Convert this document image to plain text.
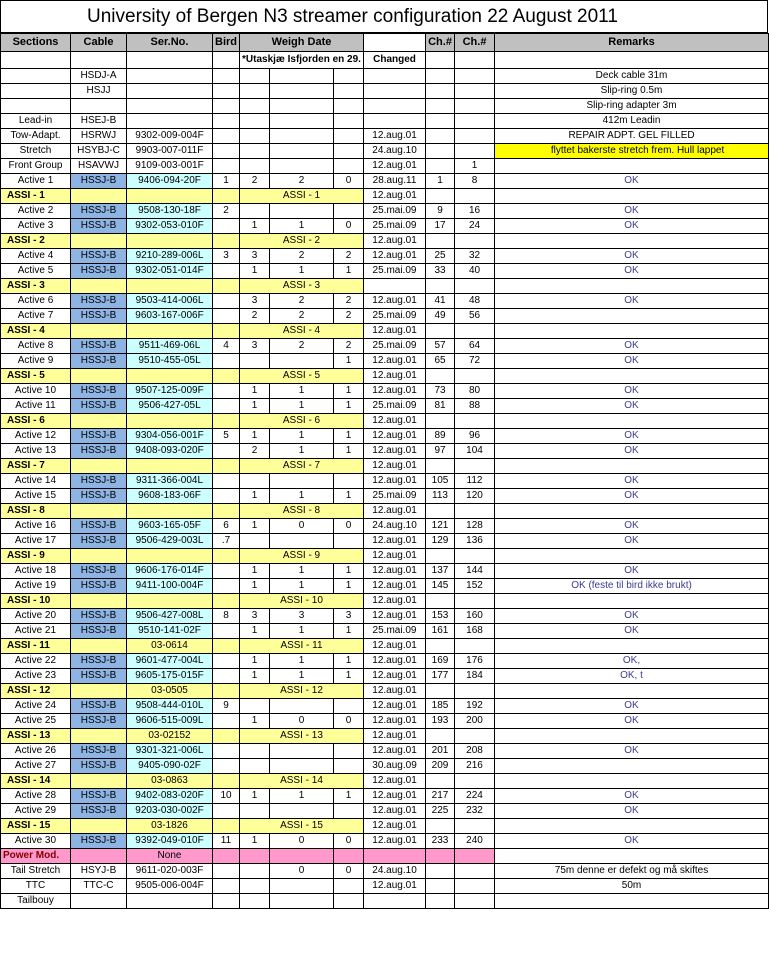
University of Bergen N3 streamer configuration 22 August 2011
Sections	Cable	Ser.No.	Bird	Weigh Date				Ch.#	Ch.#	Remarks
				*Utaskjæ Isfjorden en 29.			Changed			
	HSDJ-A									Deck cable 31m
	HSJJ									Slip-ring 0.5m
										Slip-ring adapter 3m
Lead-in	HSEJ-B									412m Leadin
Tow-Adapt.	HSRWJ	9302-009-004F					12.aug.01			REPAIR ADPT. GEL FILLED
Stretch	HSYBJ-C	9903-007-011F					24.aug.10			flyttet bakerste stretch frem. Hull lappet
Front Group	HSAVWJ	9109-003-001F					12.aug.01		1	
Active 1	HSSJ-B	9406-094-20F	1	2	2	0	28.aug.11	1	8	OK
ASSI - 1				ASSI - 1			12.aug.01			
Active 2	HSSJ-B	9508-130-18F	2				25.mai.09	9	16	OK
Active 3	HSSJ-B	9302-053-010F		1	1	0	25.mai.09	17	24	OK
ASSI - 2				ASSI - 2			12.aug.01			
Active 4	HSSJ-B	9210-289-006L	3	3	2	2	12.aug.01	25	32	OK
Active 5	HSSJ-B	9302-051-014F		1	1	1	25.mai.09	33	40	OK
ASSI - 3				ASSI - 3						
Active 6	HSSJ-B	9503-414-006L		3	2	2	12.aug.01	41	48	OK
Active 7	HSSJ-B	9603-167-006F		2	2	2	25.mai.09	49	56	
ASSI - 4				ASSI - 4			12.aug.01			
Active 8	HSSJ-B	9511-469-06L	4	3	2	2	25.mai.09	57	64	OK
Active 9	HSSJ-B	9510-455-05L				1	12.aug.01	65	72	OK
ASSI - 5				ASSI - 5			12.aug.01			
Active 10	HSSJ-B	9507-125-009F		1	1	1	12.aug.01	73	80	OK
Active 11	HSSJ-B	9506-427-05L		1	1	1	25.mai.09	81	88	OK
ASSI - 6				ASSI - 6			12.aug.01			
Active 12	HSSJ-B	9304-056-001F	5	1	1	1	12.aug.01	89	96	OK
Active 13	HSSJ-B	9408-093-020F		2	1	1	12.aug.01	97	104	OK
ASSI - 7				ASSI - 7			12.aug.01			
Active 14	HSSJ-B	9311-366-004L					12.aug.01	105	112	OK
Active 15	HSSJ-B	9608-183-06F		1	1	1	25.mai.09	113	120	OK
ASSI - 8				ASSI - 8			12.aug.01			
Active 16	HSSJ-B	9603-165-05F	6	1	0	0	24.aug.10	121	128	OK
Active 17	HSSJ-B	9506-429-003L	.7				12.aug.01	129	136	OK
ASSI - 9				ASSI - 9			12.aug.01			
Active 18	HSSJ-B	9606-176-014F		1	1	1	12.aug.01	137	144	OK
Active 19	HSSJ-B	9411-100-004F		1	1	1	12.aug.01	145	152	OK (feste til bird ikke brukt)
ASSI - 10				ASSI - 10			12.aug.01			
Active 20	HSSJ-B	9506-427-008L	8	3	3	3	12.aug.01	153	160	OK
Active 21	HSSJ-B	9510-141-02F		1	1	1	25.mai.09	161	168	OK
ASSI - 11		03-0614		ASSI - 11			12.aug.01			
Active 22	HSSJ-B	9601-477-004L		1	1	1	12.aug.01	169	176	OK,
Active 23	HSSJ-B	9605-175-015F		1	1	1	12.aug.01	177	184	OK, t
ASSI - 12		03-0505		ASSI - 12			12.aug.01			
Active 24	HSSJ-B	9508-444-010L	9				12.aug.01	185	192	OK
Active 25	HSSJ-B	9606-515-009L		1	0	0	12.aug.01	193	200	OK
ASSI - 13		03-02152		ASSI - 13			12.aug.01			
Active 26	HSSJ-B	9301-321-006L					12.aug.01	201	208	OK
Active 27	HSSJ-B	9405-090-02F					30.aug.09	209	216	
ASSI - 14		03-0863		ASSI - 14			12.aug.01			
Active 28	HSSJ-B	9402-083-020F	10	1	1	1	12.aug.01	217	224	OK
Active 29	HSSJ-B	9203-030-002F					12.aug.01	225	232	OK
ASSI - 15		03-1826		ASSI - 15			12.aug.01			
Active 30	HSSJ-B	9392-049-010F	11	1	0	0	12.aug.01	233	240	OK
Power Mod.		None								
Tail Stretch	HSYJ-B	9611-020-003F			0	0	24.aug.10			75m denne er defekt og må skiftes
TTC	TTC-C	9505-006-004F					12.aug.01			50m
Tailbouy										
